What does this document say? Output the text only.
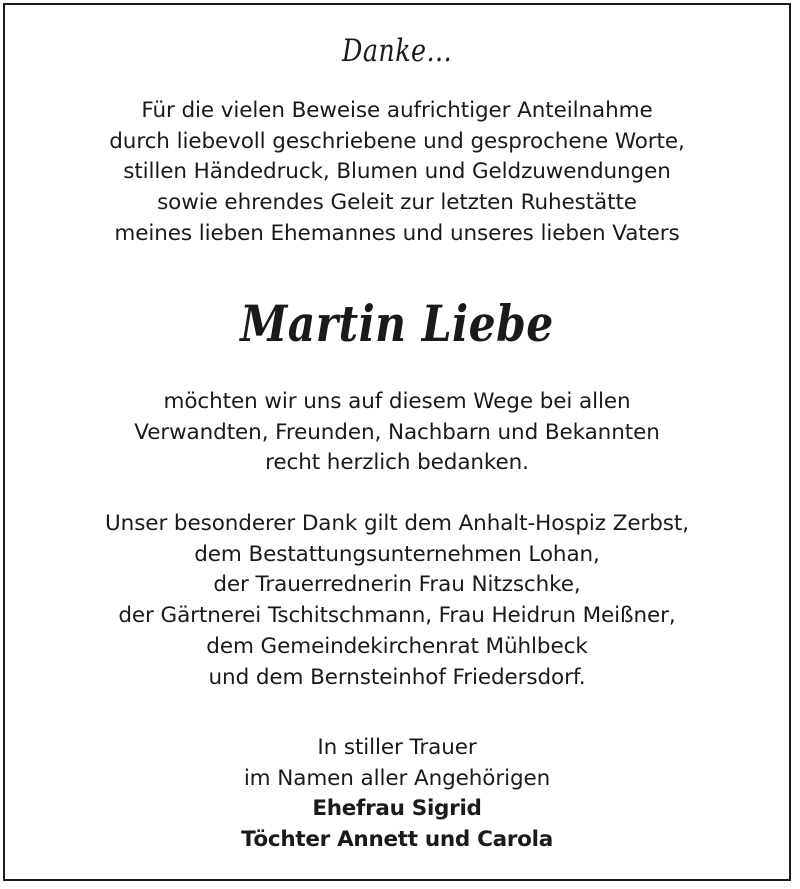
Danke...
Für die vielen Beweise aufrichtiger Anteilnahme
durch liebevoll geschriebene und gesprochene Worte,
stillen Händedruck, Blumen und Geldzuwendungen
sowie ehrendes Geleit zur letzten Ruhestätte
meines lieben Ehemannes und unseres lieben Vaters
Martin Liebe
möchten wir uns auf diesem Wege bei allen
Verwandten, Freunden, Nachbarn und Bekannten
recht herzlich bedanken.
Unser besonderer Dank gilt dem Anhalt-Hospiz Zerbst,
dem Bestattungsunternehmen Lohan,
der Trauerrednerin Frau Nitzschke,
der Gärtnerei Tschitschmann, Frau Heidrun Meißner,
dem Gemeindekirchenrat Mühlbeck
und dem Bernsteinhof Friedersdorf.
In stiller Trauer
im Namen aller Angehörigen
Ehefrau Sigrid
Töchter Annett und Carola
